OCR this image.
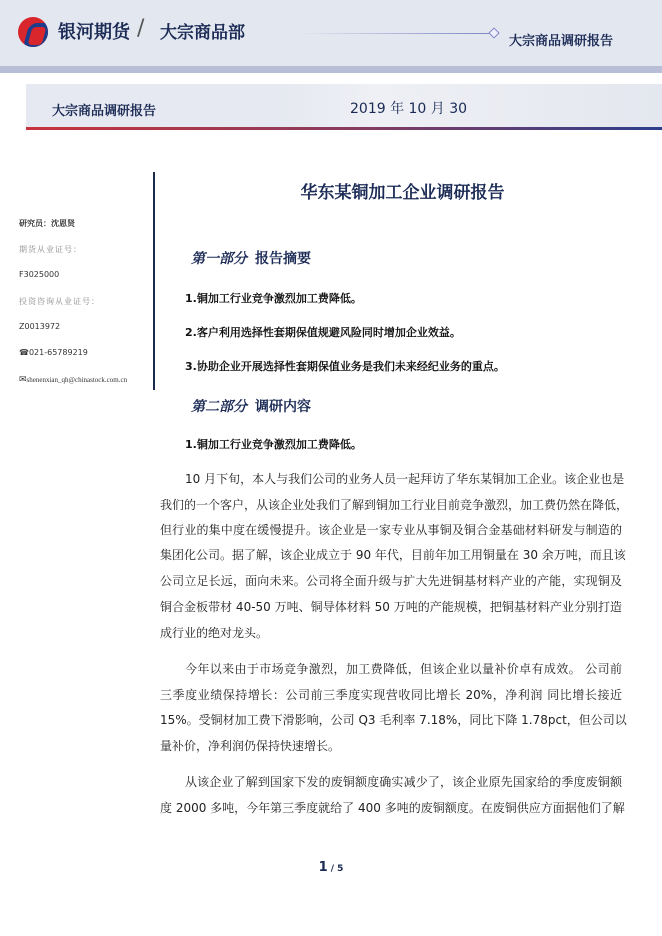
银河期货 / 大宗商品部	大宗商品调研报告
大宗商品调研报告	2019 年 10 月 30
研究员：沈恩贤
期货从业证号：
F3025000
投资咨询从业证号：
Z0013972
☎021-65789219
✉shenenxian_qh@chinastock.com.cn
华东某铜加工企业调研报告
第一部分 报告摘要
1.铜加工行业竞争激烈加工费降低。
2.客户利用选择性套期保值规避风险同时增加企业效益。
3.协助企业开展选择性套期保值业务是我们未来经纪业务的重点。
第二部分 调研内容
1.铜加工行业竞争激烈加工费降低。
10 月下旬，本人与我们公司的业务人员一起拜访了华东某铜加工企业。该企业也是
我们的一个客户，从该企业处我们了解到铜加工行业目前竞争激烈，加工费仍然在降低，
但行业的集中度在缓慢提升。该企业是一家专业从事铜及铜合金基础材料研发与制造的
集团化公司。据了解，该企业成立于 90 年代，目前年加工用铜量在 30 余万吨，而且该
公司立足长远，面向未来。公司将全面升级与扩大先进铜基材料产业的产能，实现铜及
铜合金板带材 40-50 万吨、铜导体材料 50 万吨的产能规模，把铜基材料产业分别打造
成行业的绝对龙头。
今年以来由于市场竞争激烈，加工费降低，但该企业以量补价卓有成效。 公司前
三季度业绩保持增长：公司前三季度实现营收同比增长 20%，净利润 同比增长接近
15%。受铜材加工费下滑影响，公司 Q3 毛利率 7.18%，同比下降 1.78pct，但公司以
量补价，净利润仍保持快速增长。
从该企业了解到国家下发的废铜额度确实减少了，该企业原先国家给的季度废铜额
度 2000 多吨，今年第三季度就给了 400 多吨的废铜额度。在废铜供应方面据他们了解
1 / 5
